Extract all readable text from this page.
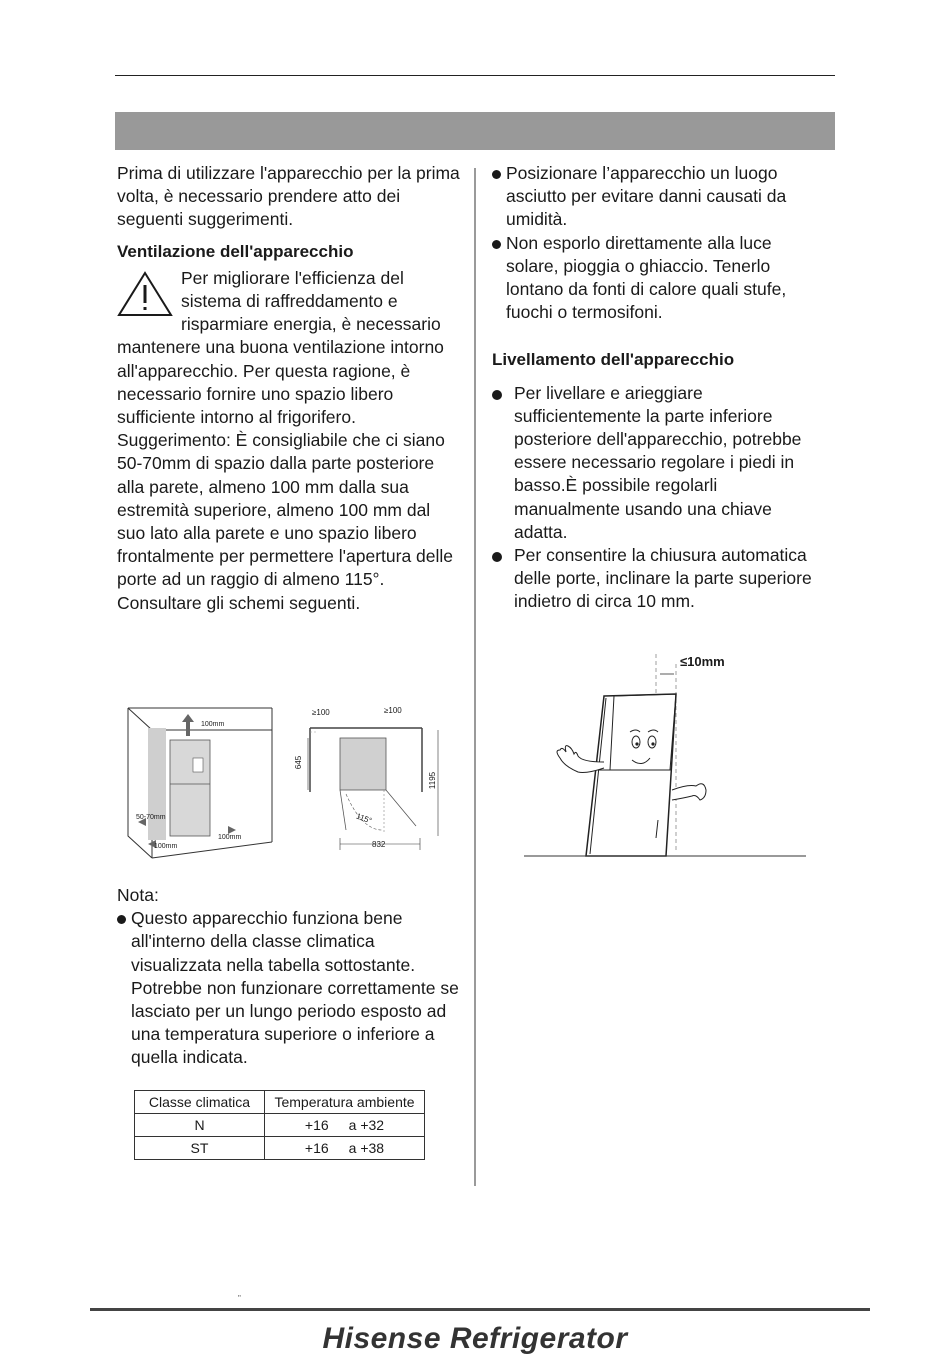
Prima di utilizzare l'apparecchio per la prima volta, è necessario prendere atto dei seguenti suggerimenti.

Ventilazione dell'apparecchio

Per migliorare l'efficienza del sistema di raffreddamento e risparmiare energia, è necessario mantenere una buona ventilazione intorno all'apparecchio. Per questa ragione, è necessario fornire uno spazio libero sufficiente intorno al frigorifero.

Suggerimento: È consigliabile che ci siano 50-70mm di spazio dalla parte posteriore alla parete, almeno 100 mm dalla sua estremità superiore, almeno 100 mm dal suo lato alla parete e uno spazio libero frontalmente per permettere l'apertura delle porte ad un raggio di almeno 115°. Consultare gli schemi seguenti.

100mm
50-70mm
100mm
100mm
≥100	≥100
645
1195
115°
832

Nota:

Questo apparecchio funziona bene all'interno della classe climatica visualizzata nella tabella sottostante. Potrebbe non funzionare correttamente se lasciato per un lungo periodo esposto ad una temperatura superiore o inferiore a quella indicata.

Classe climatica	Temperatura ambiente
N	+16 a +32
ST	+16 a +38

Posizionare l’apparecchio un luogo asciutto per evitare danni causati da umidità.

Non esporlo direttamente alla luce solare, pioggia o ghiaccio. Tenerlo lontano da fonti di calore quali stufe, fuochi o termosifoni.

Livellamento dell'apparecchio

Per livellare e arieggiare sufficientemente la parte inferiore posteriore dell'apparecchio, potrebbe essere necessario regolare i piedi in basso.È possibile regolarli manualmente usando una chiave adatta.

Per consentire la chiusura automatica delle porte, inclinare la parte superiore indietro di circa 10 mm.

≤10mm
"
Hisense Refrigerator
